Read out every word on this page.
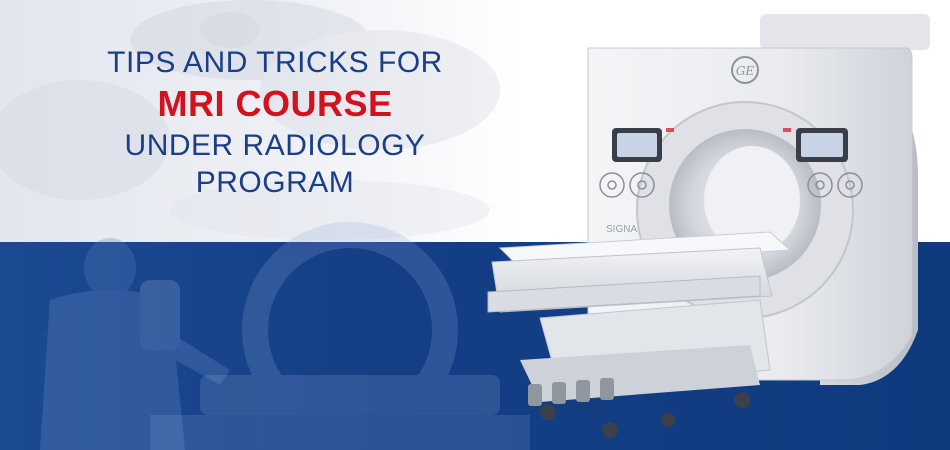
TIPS AND TRICKS FOR
MRI COURSE
UNDER RADIOLOGY
PROGRAM
GE
SIGNA
